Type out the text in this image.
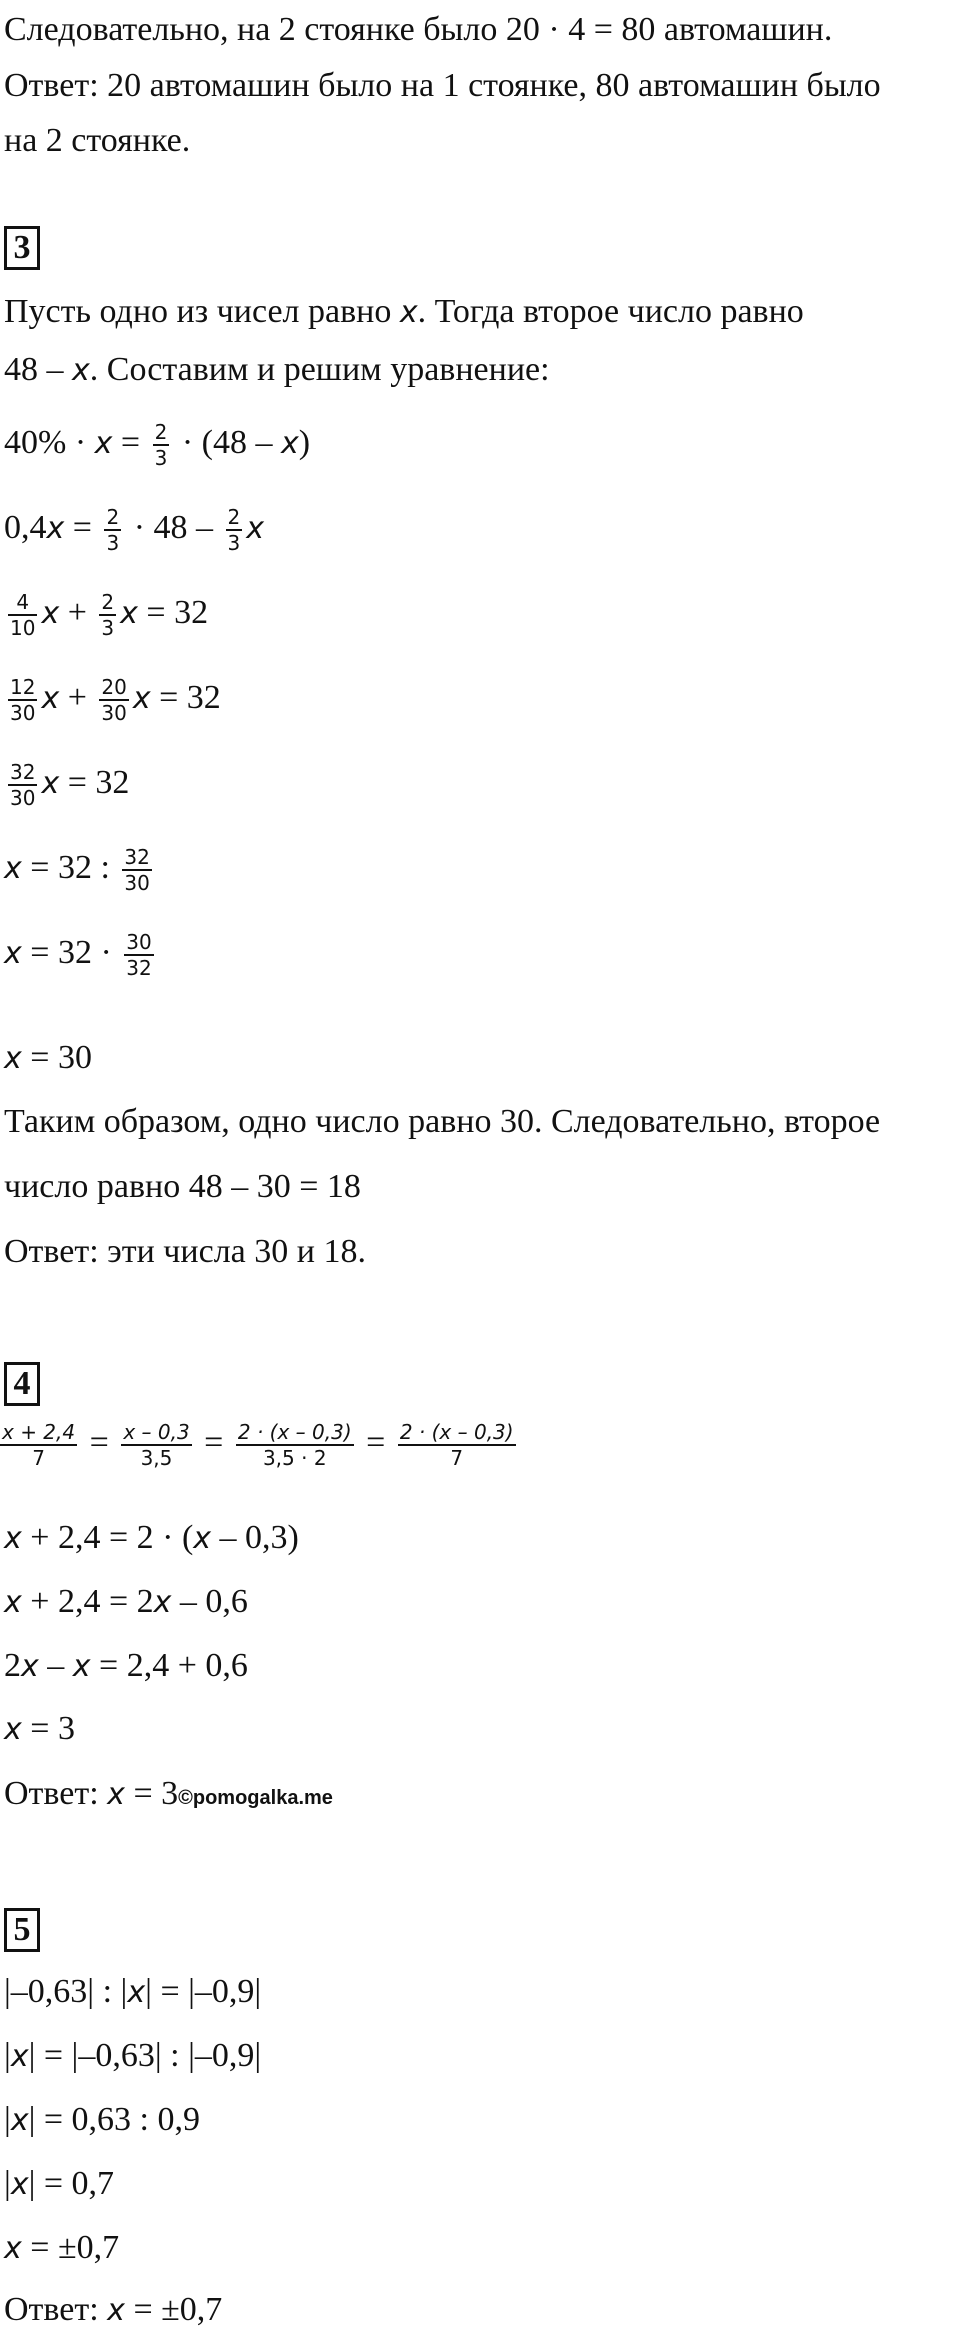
Следовательно, на 2 стоянке было 20 · 4 = 80 автомашин.
Ответ: 20 автомашин было на 1 стоянке, 80 автомашин было
на 2 стоянке.
3
Пусть одно из чисел равно x. Тогда второе число равно
48 – x. Составим и решим уравнение:
$40\% \cdot x = \frac{2}{3} \cdot (48 - x)$
$0,4x = \frac{2}{3} \cdot 48 - \frac{2}{3}$ x
$\frac{4}{10}$ $x + \frac{2}{3}$ x = 32
$\frac{12}{30}$ $x + \frac{20}{30}$ x = 32
$\frac{32}{30}$ x = 32
x = 32 : $\frac{32}{30}$
$x = 32 \cdot \frac{30}{32}$
x = 30
Таким образом, одно число равно 30. Следовательно, второе
число равно 48 – 30 = 18
Ответ: эти числа 30 и 18.
4
$\frac{x + 2,4}{7} = \frac{x - 0,3}{3,5} = \frac{2 \cdot (x - 0,3)}{3,5 \cdot 2} = \frac{2 \cdot (x - 0,3)}{7}$
x + 2,4 = 2 · (x – 0,3)
x + 2,4 = 2x – 0,6
2x – x = 2,4 + 0,6
x = 3
Ответ: x = 3©pomogalka.me
5
|–0,63| : |x| = |–0,9|
|x| = |–0,63| : |–0,9|
|x| = 0,63 : 0,9
|x| = 0,7
x = ±0,7
Ответ: x = ±0,7
